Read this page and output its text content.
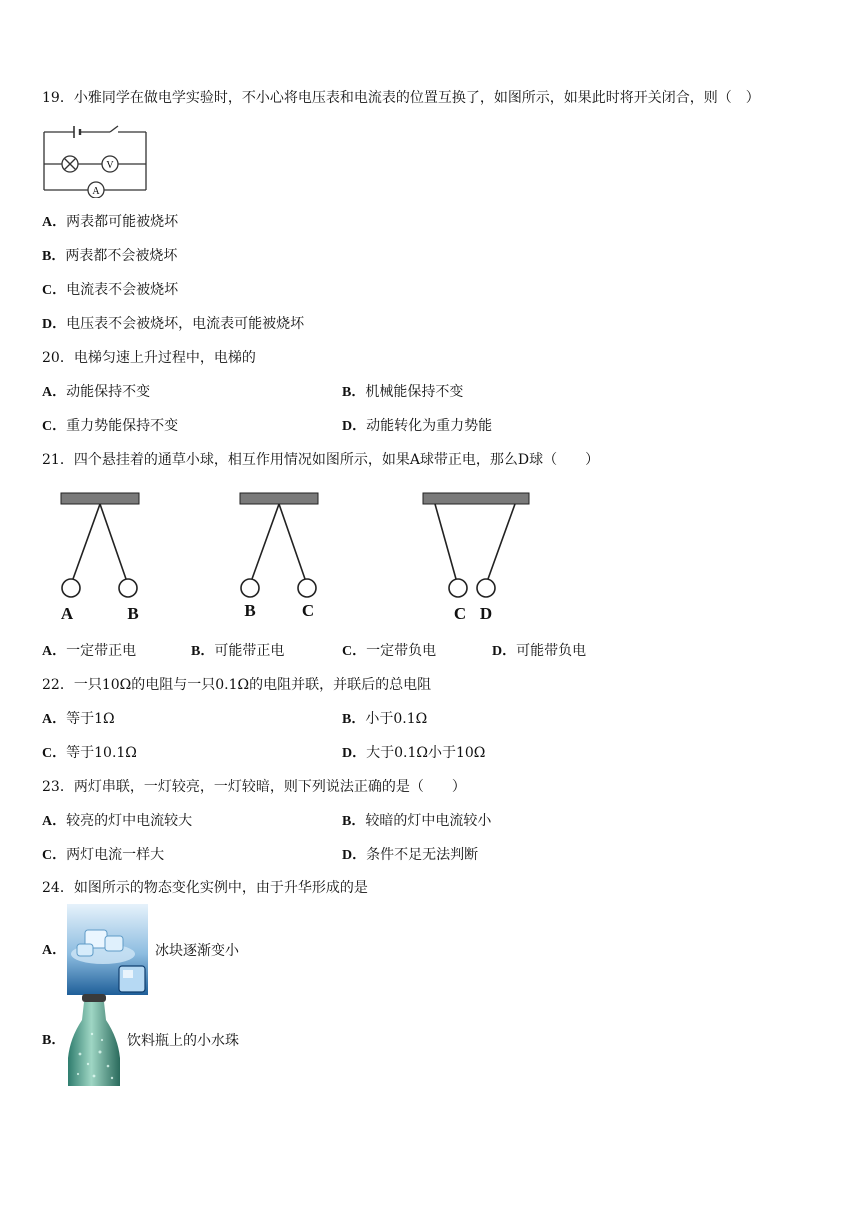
19．小雅同学在做电学实验时，不小心将电压表和电流表的位置互换了，如图所示，如果此时将开关闭合，则（　）
V
A
A．两表都可能被烧坏
B．两表都不会被烧坏
C．电流表不会被烧坏
D．电压表不会被烧坏，电流表可能被烧坏
20．电梯匀速上升过程中，电梯的
A．动能保持不变	B．机械能保持不变
C．重力势能保持不变	D．动能转化为重力势能
21．四个悬挂着的通草小球，相互作用情况如图所示，如果A球带正电，那么D球（　　）
A	B	B	C	C D
A．一定带正电	B．可能带正电	C．一定带负电	D．可能带负电
22．一只10Ω的电阻与一只0.1Ω的电阻并联，并联后的总电阻
A．等于1Ω	B．小于0.1Ω
C．等于10.1Ω	D．大于0.1Ω小于10Ω
23．两灯串联，一灯较亮，一灯较暗，则下列说法正确的是（　　）
A．较亮的灯中电流较大	B．较暗的灯中电流较小
C．两灯电流一样大	D．条件不足无法判断
24．如图所示的物态变化实例中，由于升华形成的是
A．	冰块逐渐变小
B．	饮料瓶上的小水珠
